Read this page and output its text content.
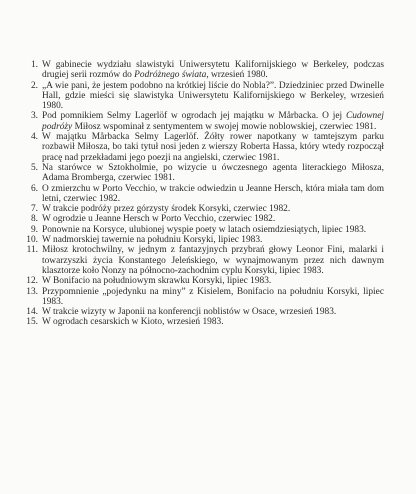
1. W gabinecie wydziału slawistyki Uniwersytetu Kalifornijskiego w Berkeley, podczas drugiej serii rozmów do Podróżnego świata, wrzesień 1980.
2. „A wie pani, że jestem podobno na krótkiej liście do Nobla?”. Dziedziniec przed Dwinelle Hall, gdzie mieści się slawistyka Uniwersytetu Kalifornijskiego w Berkeley, wrzesień 1980.
3. Pod pomnikiem Selmy Lagerlöf w ogrodach jej majątku w Mårbacka. O jej Cudownej podróży Miłosz wspominał z sentymentem w swojej mowie noblowskiej, czerwiec 1981.
4. W majątku Mårbacka Selmy Lagerlöf. Żółty rower napotkany w tamtejszym parku rozbawił Miłosza, bo taki tytuł nosi jeden z wierszy Roberta Hassa, który wtedy rozpoczął pracę nad przekładami jego poezji na angielski, czerwiec 1981.
5. Na starówce w Sztokholmie, po wizycie u ówczesnego agenta literackiego Miłosza, Adama Bromberga, czerwiec 1981.
6. O zmierzchu w Porto Vecchio, w trakcie odwiedzin u Jeanne Hersch, która miała tam dom letni, czerwiec 1982.
7. W trakcie podróży przez górzysty środek Korsyki, czerwiec 1982.
8. W ogrodzie u Jeanne Hersch w Porto Vecchio, czerwiec 1982.
9. Ponownie na Korsyce, ulubionej wyspie poety w latach osiemdziesiątych, lipiec 1983.
10. W nadmorskiej tawernie na południu Korsyki, lipiec 1983.
11. Miłosz krotochwilny, w jednym z fantazyjnych przybrań głowy Leonor Fini, malarki i towarzyszki życia Konstantego Jeleńskiego, w wynajmowanym przez nich dawnym klasztorze koło Nonzy na północno-zachodnim cyplu Korsyki, lipiec 1983.
12. W Bonifacio na południowym skrawku Korsyki, lipiec 1983.
13. Przypomnienie „pojedynku na miny” z Kisielem, Bonifacio na południu Korsyki, lipiec 1983.
14. W trakcie wizyty w Japonii na konferencji noblistów w Osace, wrzesień 1983.
15. W ogrodach cesarskich w Kioto, wrzesień 1983.
